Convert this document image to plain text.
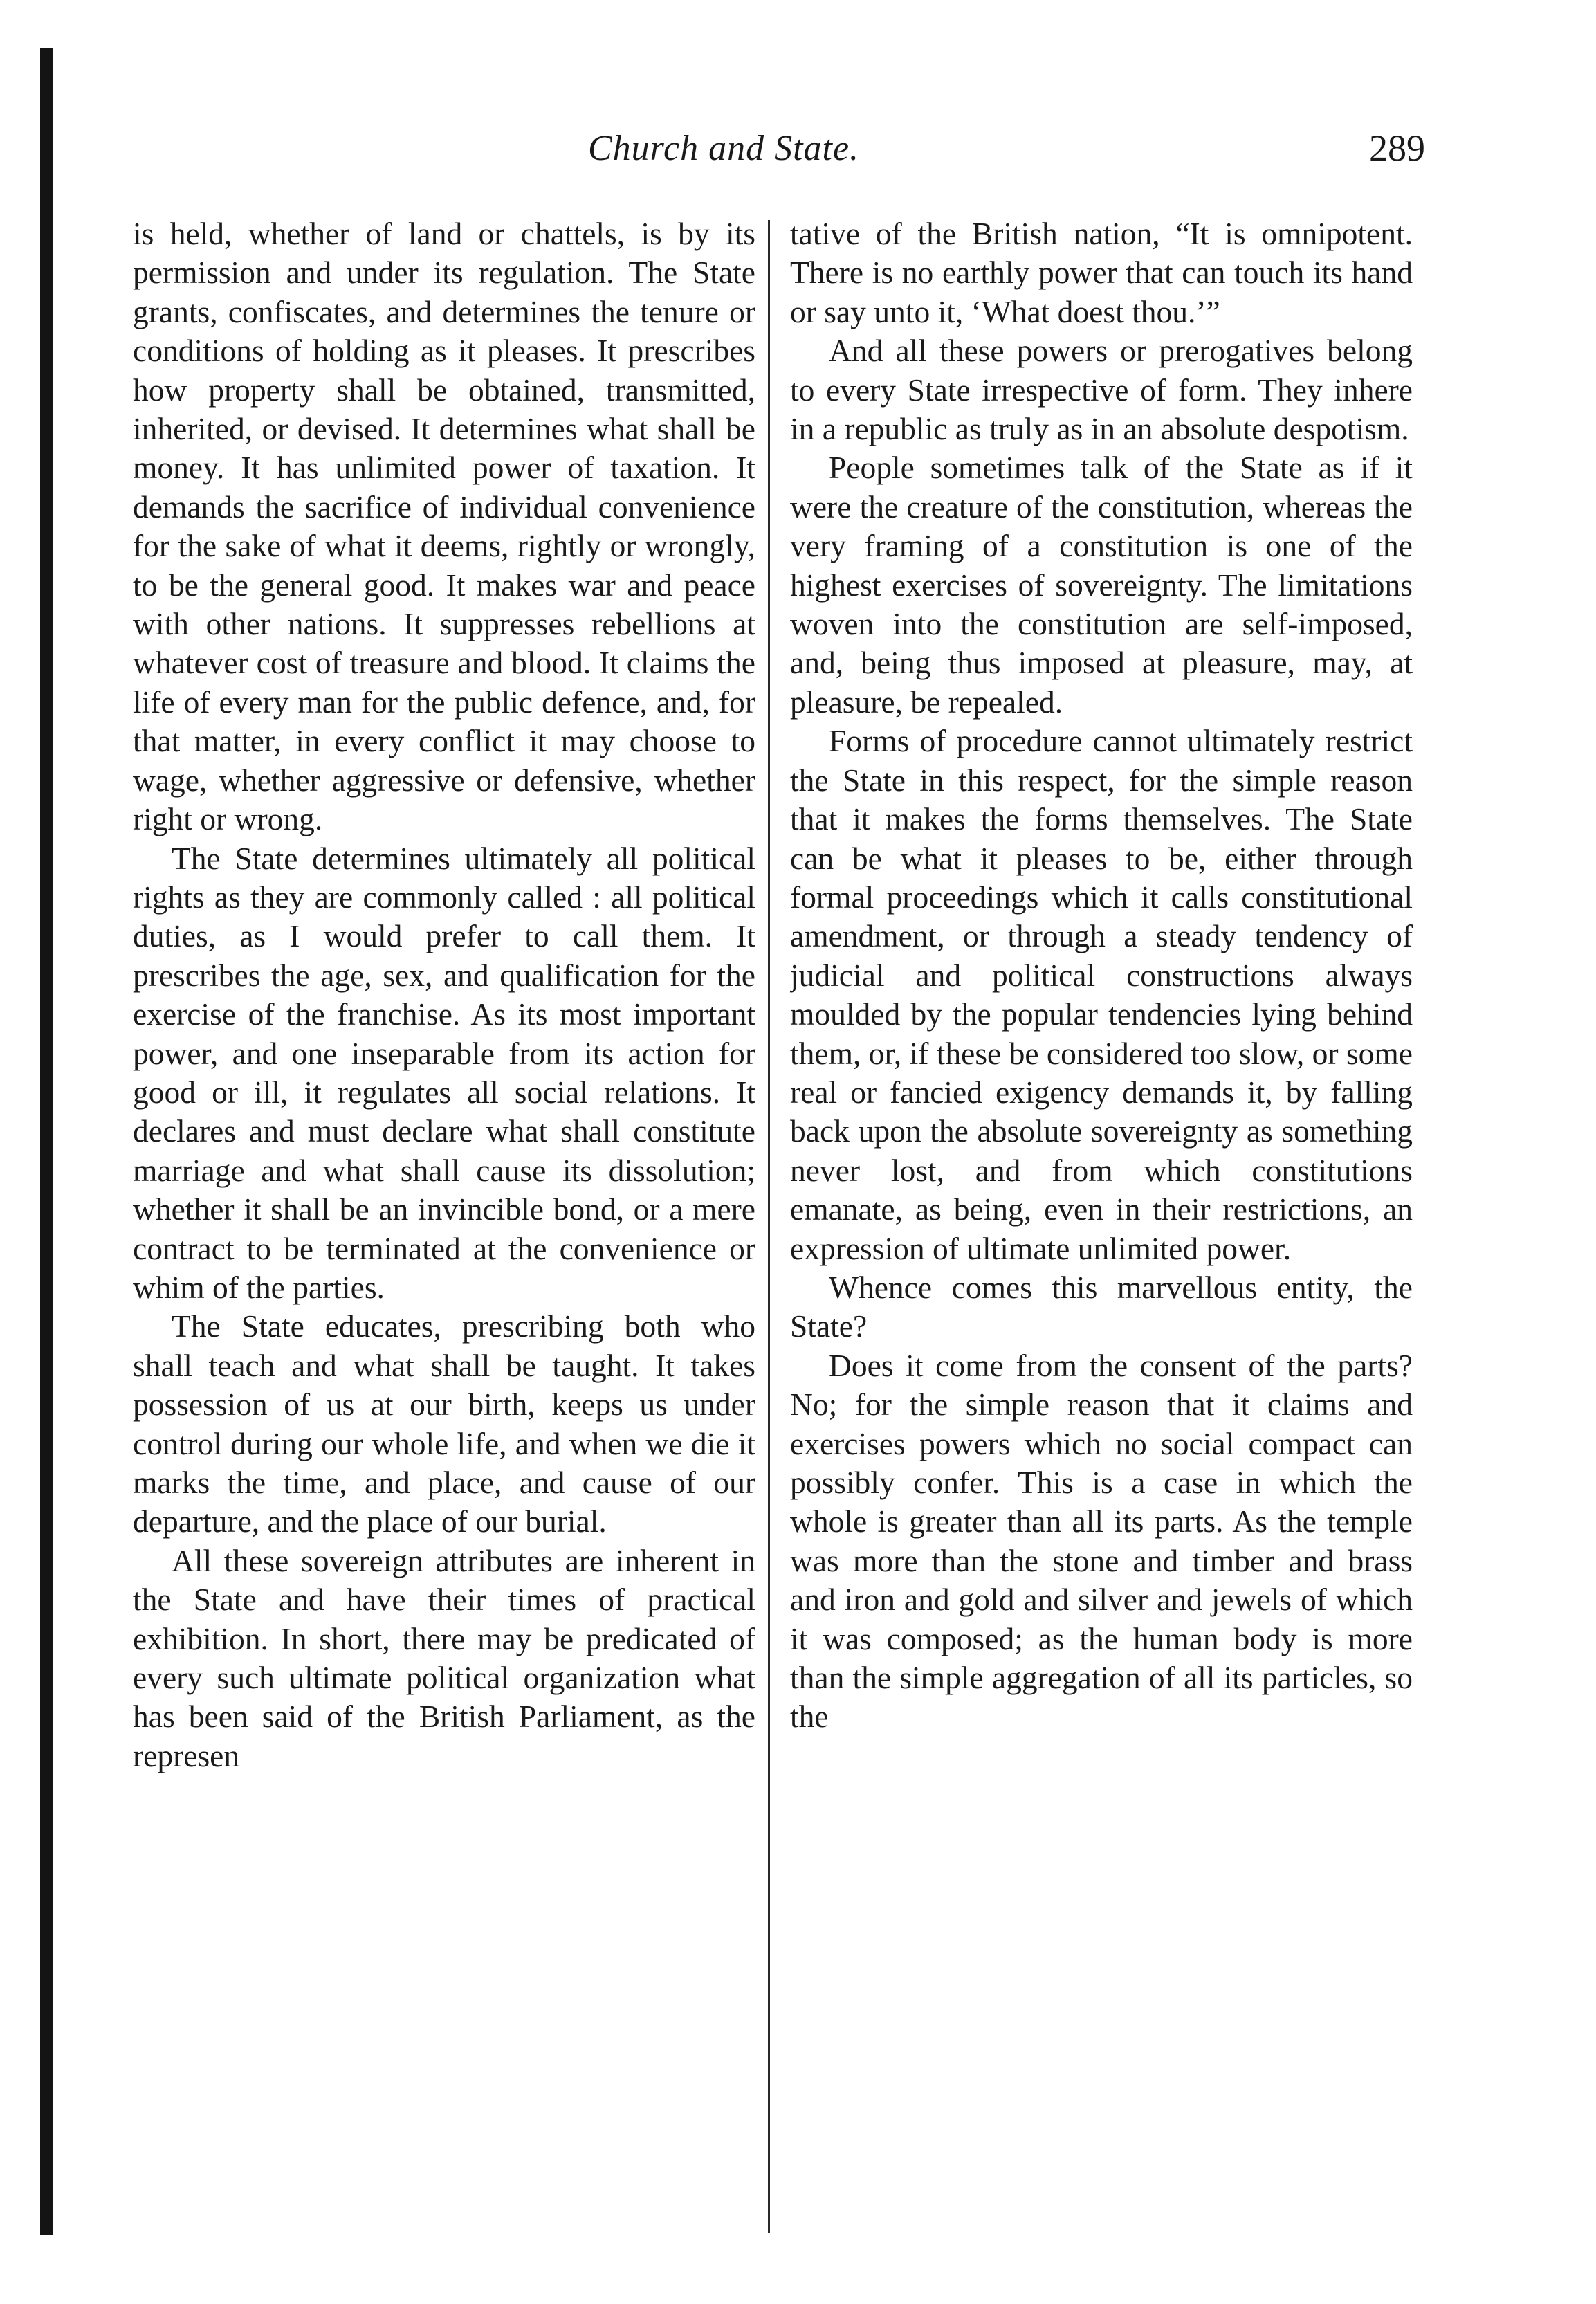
Church and State.	289

is held, whether of land or chattels, is by its permission and under its regulation. The State grants, confiscates, and determines the tenure or conditions of holding as it pleases. It prescribes how property shall be obtained, transmitted, inherited, or devised. It determines what shall be money. It has unlimited power of taxation. It demands the sacrifice of individual convenience for the sake of what it deems, rightly or wrongly, to be the general good. It makes war and peace with other nations. It suppresses rebellions at whatever cost of treasure and blood. It claims the life of every man for the public defence, and, for that matter, in every conflict it may choose to wage, whether aggressive or defensive, whether right or wrong.

The State determines ultimately all political rights as they are commonly called : all political duties, as I would prefer to call them. It prescribes the age, sex, and qualification for the exercise of the franchise. As its most important power, and one inseparable from its action for good or ill, it regulates all social relations. It declares and must declare what shall constitute marriage and what shall cause its dissolution; whether it shall be an invincible bond, or a mere contract to be terminated at the convenience or whim of the parties.

The State educates, prescribing both who shall teach and what shall be taught. It takes possession of us at our birth, keeps us under control during our whole life, and when we die it marks the time, and place, and cause of our departure, and the place of our burial.

All these sovereign attributes are inherent in the State and have their times of practical exhibition. In short, there may be predicated of every such ultimate political organization what has been said of the British Parliament, as the represen

tative of the British nation, “It is omnipotent. There is no earthly power that can touch its hand or say unto it, ‘What doest thou.’”

And all these powers or prerogatives belong to every State irrespective of form. They inhere in a republic as truly as in an absolute despotism.

People sometimes talk of the State as if it were the creature of the constitution, whereas the very framing of a constitution is one of the highest exercises of sovereignty. The limitations woven into the constitution are self-imposed, and, being thus imposed at pleasure, may, at pleasure, be repealed.

Forms of procedure cannot ultimately restrict the State in this respect, for the simple reason that it makes the forms themselves. The State can be what it pleases to be, either through formal proceedings which it calls constitutional amendment, or through a steady tendency of judicial and political constructions always moulded by the popular tendencies lying behind them, or, if these be considered too slow, or some real or fancied exigency demands it, by falling back upon the absolute sovereignty as something never lost, and from which constitutions emanate, as being, even in their restrictions, an expression of ultimate unlimited power.

Whence comes this marvellous entity, the State?

Does it come from the consent of the parts? No; for the simple reason that it claims and exercises powers which no social compact can possibly confer. This is a case in which the whole is greater than all its parts. As the temple was more than the stone and timber and brass and iron and gold and silver and jewels of which it was composed; as the human body is more than the simple aggregation of all its particles, so the
